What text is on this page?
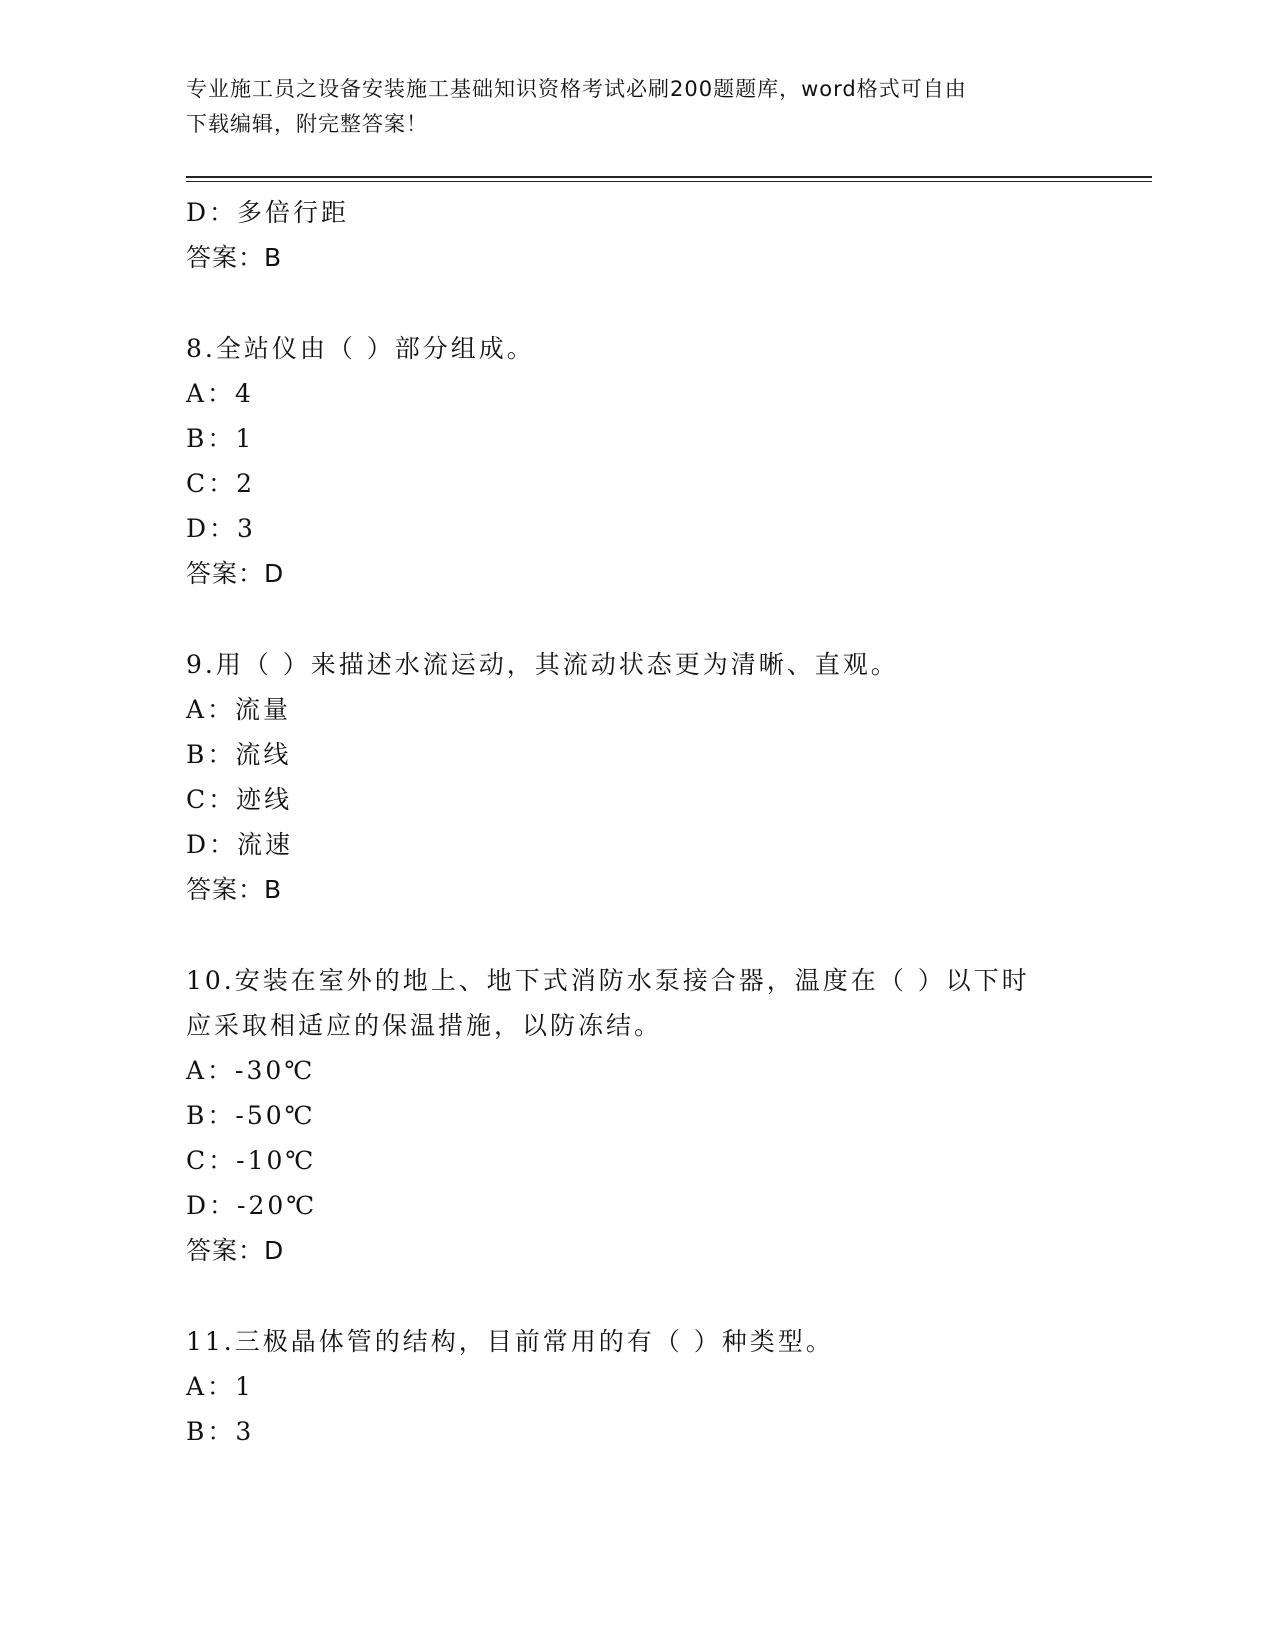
专业施工员之设备安装施工基础知识资格考试必刷200题题库，word格式可自由
下载编辑，附完整答案！
D：多倍行距
答案：B
8.全站仪由（ ）部分组成。
A：4
B：1
C：2
D：3
答案：D
9.用（ ）来描述水流运动，其流动状态更为清晰、直观。
A：流量
B：流线
C：迹线
D：流速
答案：B
10.安装在室外的地上、地下式消防水泵接合器，温度在（ ）以下时
应采取相适应的保温措施，以防冻结。
A：-30℃
B：-50℃
C：-10℃
D：-20℃
答案：D
11.三极晶体管的结构，目前常用的有（ ）种类型。
A：1
B：3
